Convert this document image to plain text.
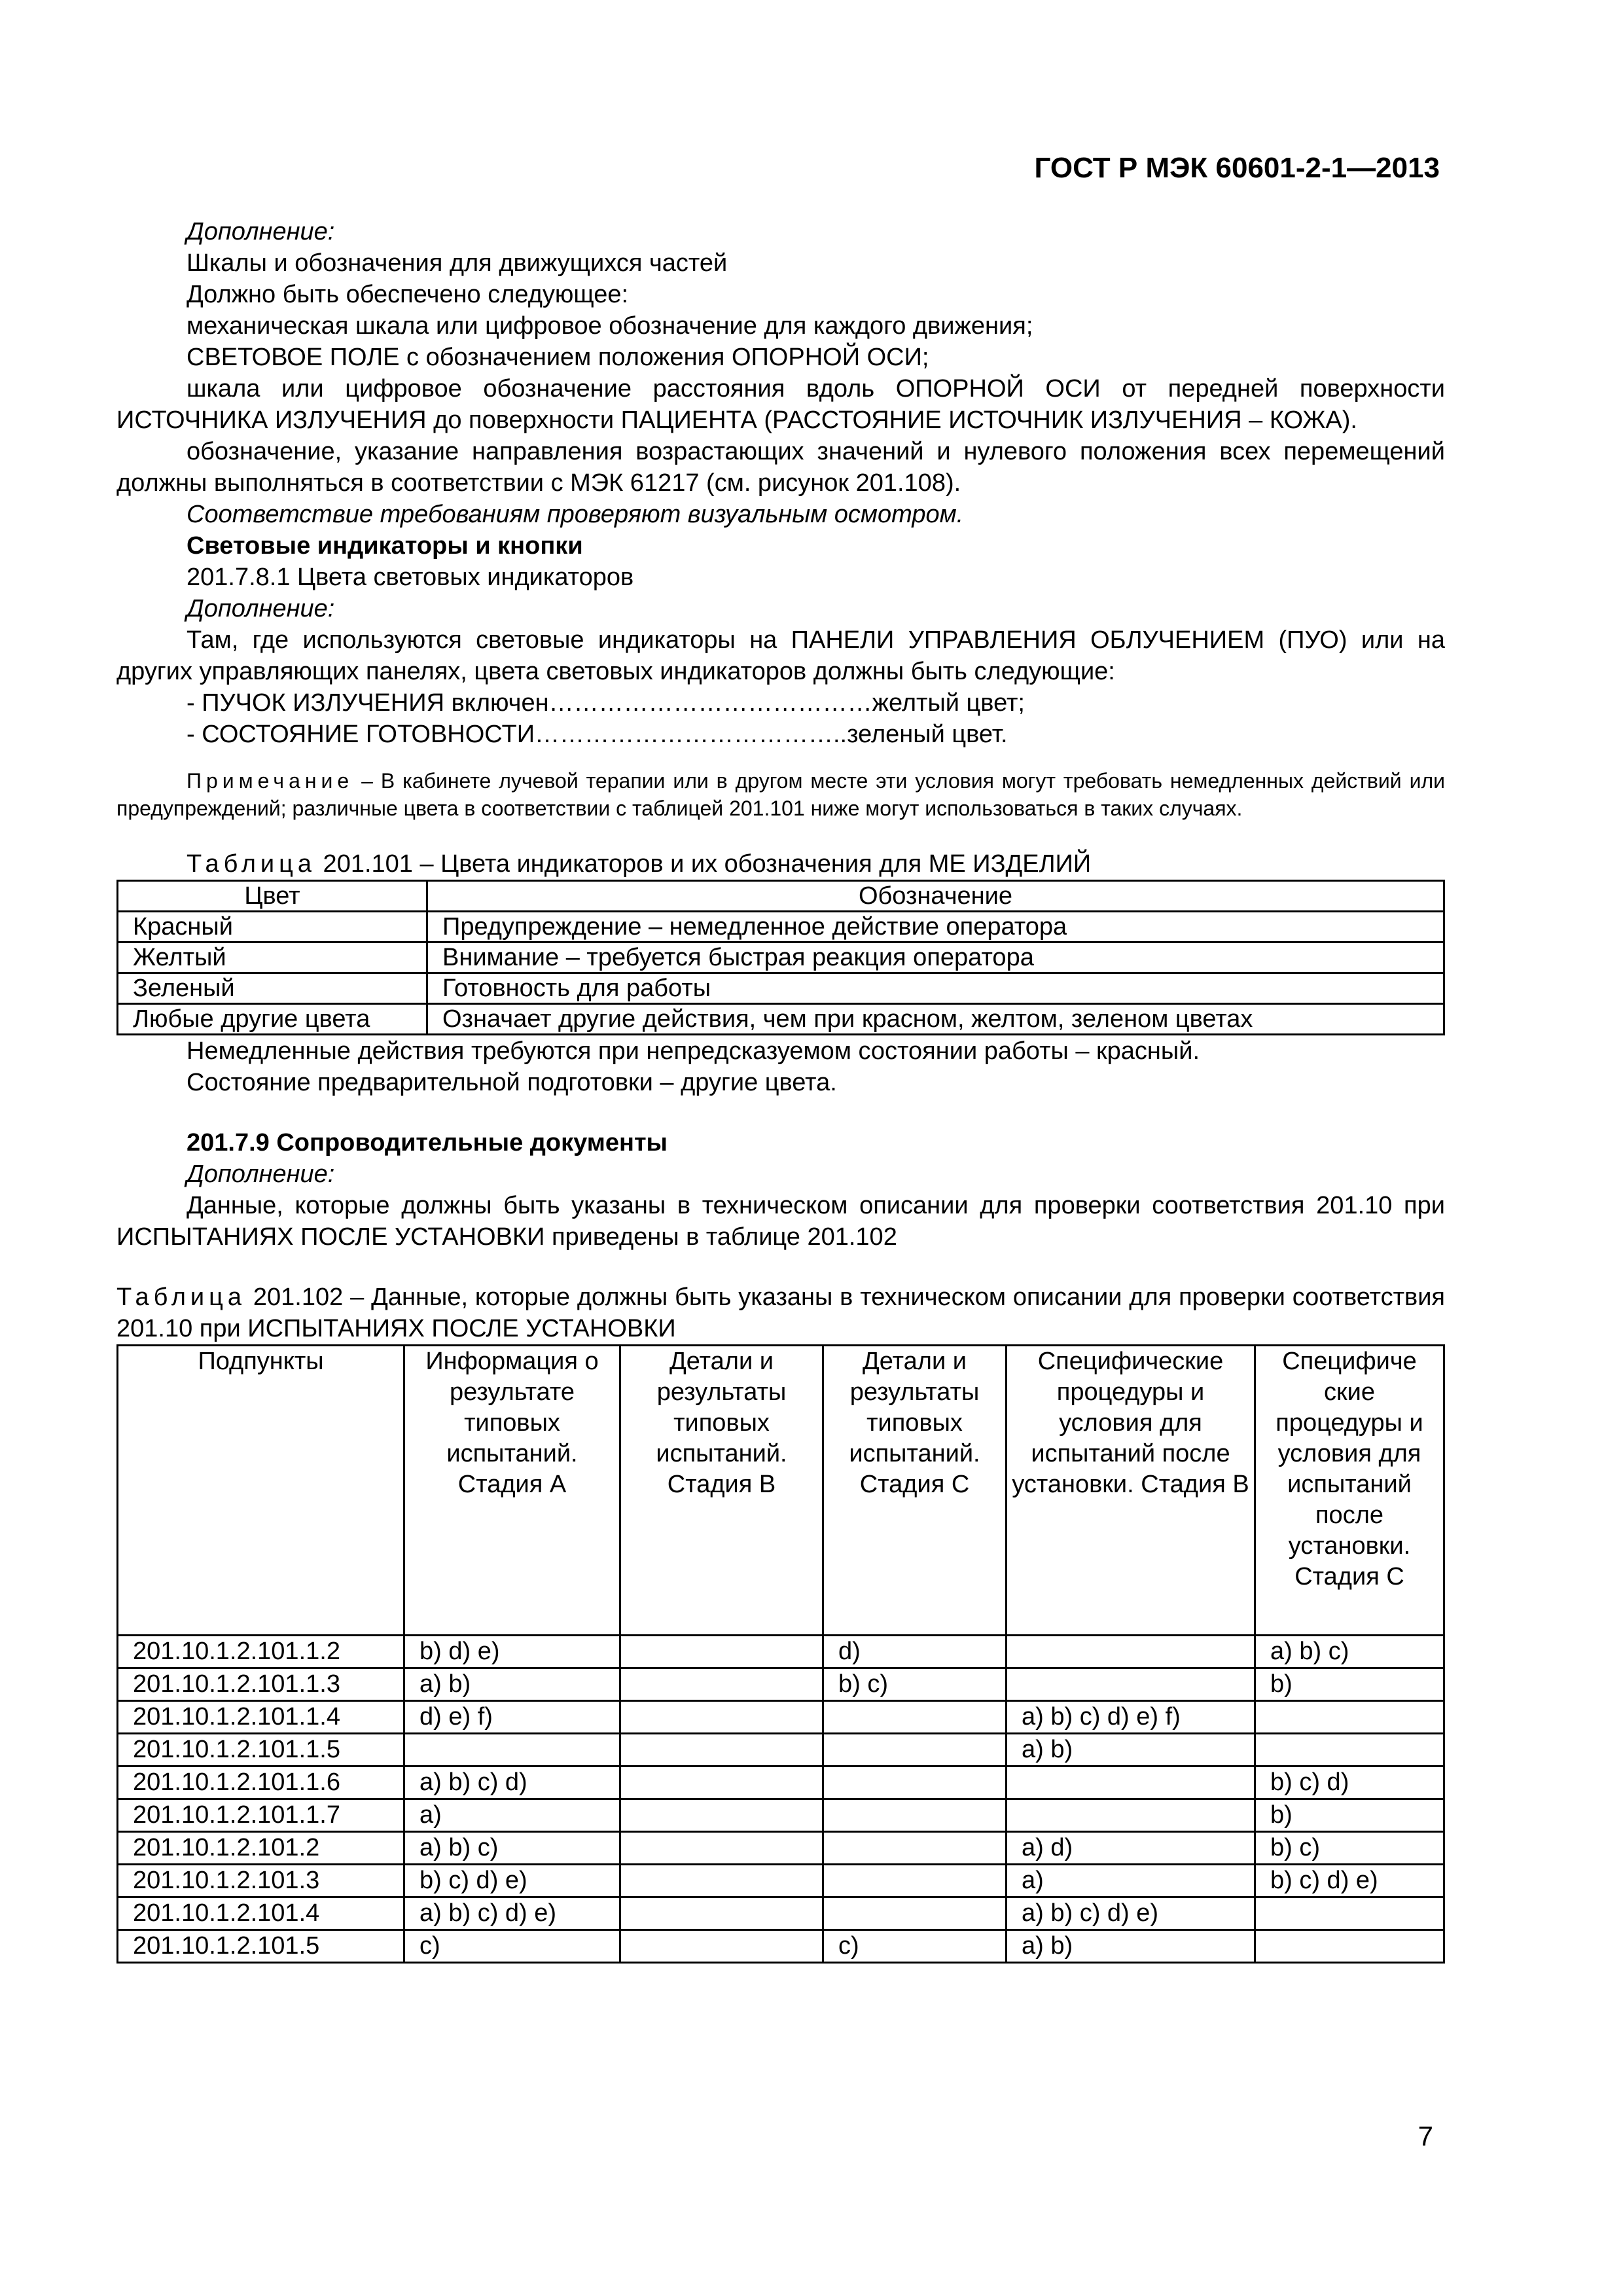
ГОСТ Р МЭК 60601-2-1—2013

Дополнение:

Шкалы и обозначения для движущихся частей

Должно быть обеспечено следующее:

механическая шкала или цифровое обозначение для каждого движения;

СВЕТОВОЕ ПОЛЕ с обозначением положения ОПОРНОЙ ОСИ;

шкала или цифровое обозначение расстояния вдоль ОПОРНОЙ ОСИ от передней поверхности ИСТОЧНИКА ИЗЛУЧЕНИЯ до поверхности ПАЦИЕНТА (РАССТОЯНИЕ ИСТОЧНИК ИЗЛУЧЕНИЯ – КОЖА).

обозначение, указание направления возрастающих значений и нулевого положения всех перемещений должны выполняться в соответствии с МЭК 61217 (см. рисунок 201.108).

Соответствие требованиям проверяют визуальным осмотром.

Световые индикаторы и кнопки

201.7.8.1 Цвета световых индикаторов

Дополнение:

Там, где используются световые индикаторы на ПАНЕЛИ УПРАВЛЕНИЯ ОБЛУЧЕНИЕМ (ПУО) или на других управляющих панелях, цвета световых индикаторов должны быть следующие:

- ПУЧОК ИЗЛУЧЕНИЯ включен…………………………………желтый цвет;

- СОСТОЯНИЕ ГОТОВНОСТИ………………………………..зеленый цвет.

Примечание – В кабинете лучевой терапии или в другом месте эти условия могут требовать немедленных действий или предупреждений; различные цвета в соответствии с таблицей 201.101 ниже могут использоваться в таких случаях.

Таблица 201.101 – Цвета индикаторов и их обозначения для МЕ ИЗДЕЛИЙ

Цвет	Обозначение
Красный	Предупреждение – немедленное действие оператора
Желтый	Внимание – требуется быстрая реакция оператора
Зеленый	Готовность для работы
Любые другие цвета	Означает другие действия, чем при красном, желтом, зеленом цветах

Немедленные действия требуются при непредсказуемом состоянии работы – красный.

Состояние предварительной подготовки – другие цвета.

201.7.9 Сопроводительные документы

Дополнение:

Данные, которые должны быть указаны в техническом описании для проверки соответствия 201.10 при ИСПЫТАНИЯХ ПОСЛЕ УСТАНОВКИ приведены в таблице 201.102

Таблица 201.102 – Данные, которые должны быть указаны в техническом описании для проверки соответствия 201.10 при ИСПЫТАНИЯХ ПОСЛЕ УСТАНОВКИ

Подпункты	Информация о результате типовых испытаний. Стадия А	Детали и результаты типовых испытаний. Стадия В	Детали и результаты типовых испытаний. Стадия С	Специфические процедуры и условия для испытаний после установки. Стадия В	Специфиче ские процедуры и условия для испытаний после установки. Стадия С
201.10.1.2.101.1.2	b) d) e)		d)		a) b) c)
201.10.1.2.101.1.3	a) b)		b) c)		b)
201.10.1.2.101.1.4	d) e) f)			a) b) c) d) e) f)	
201.10.1.2.101.1.5				a) b)	
201.10.1.2.101.1.6	a) b) c) d)				b) c) d)
201.10.1.2.101.1.7	a)				b)
201.10.1.2.101.2	a) b) c)			a) d)	b) c)
201.10.1.2.101.3	b) c) d) e)			a)	b) c) d) e)
201.10.1.2.101.4	a) b) c) d) e)			a) b) c) d) e)	
201.10.1.2.101.5	c)		c)	a) b)	
7
